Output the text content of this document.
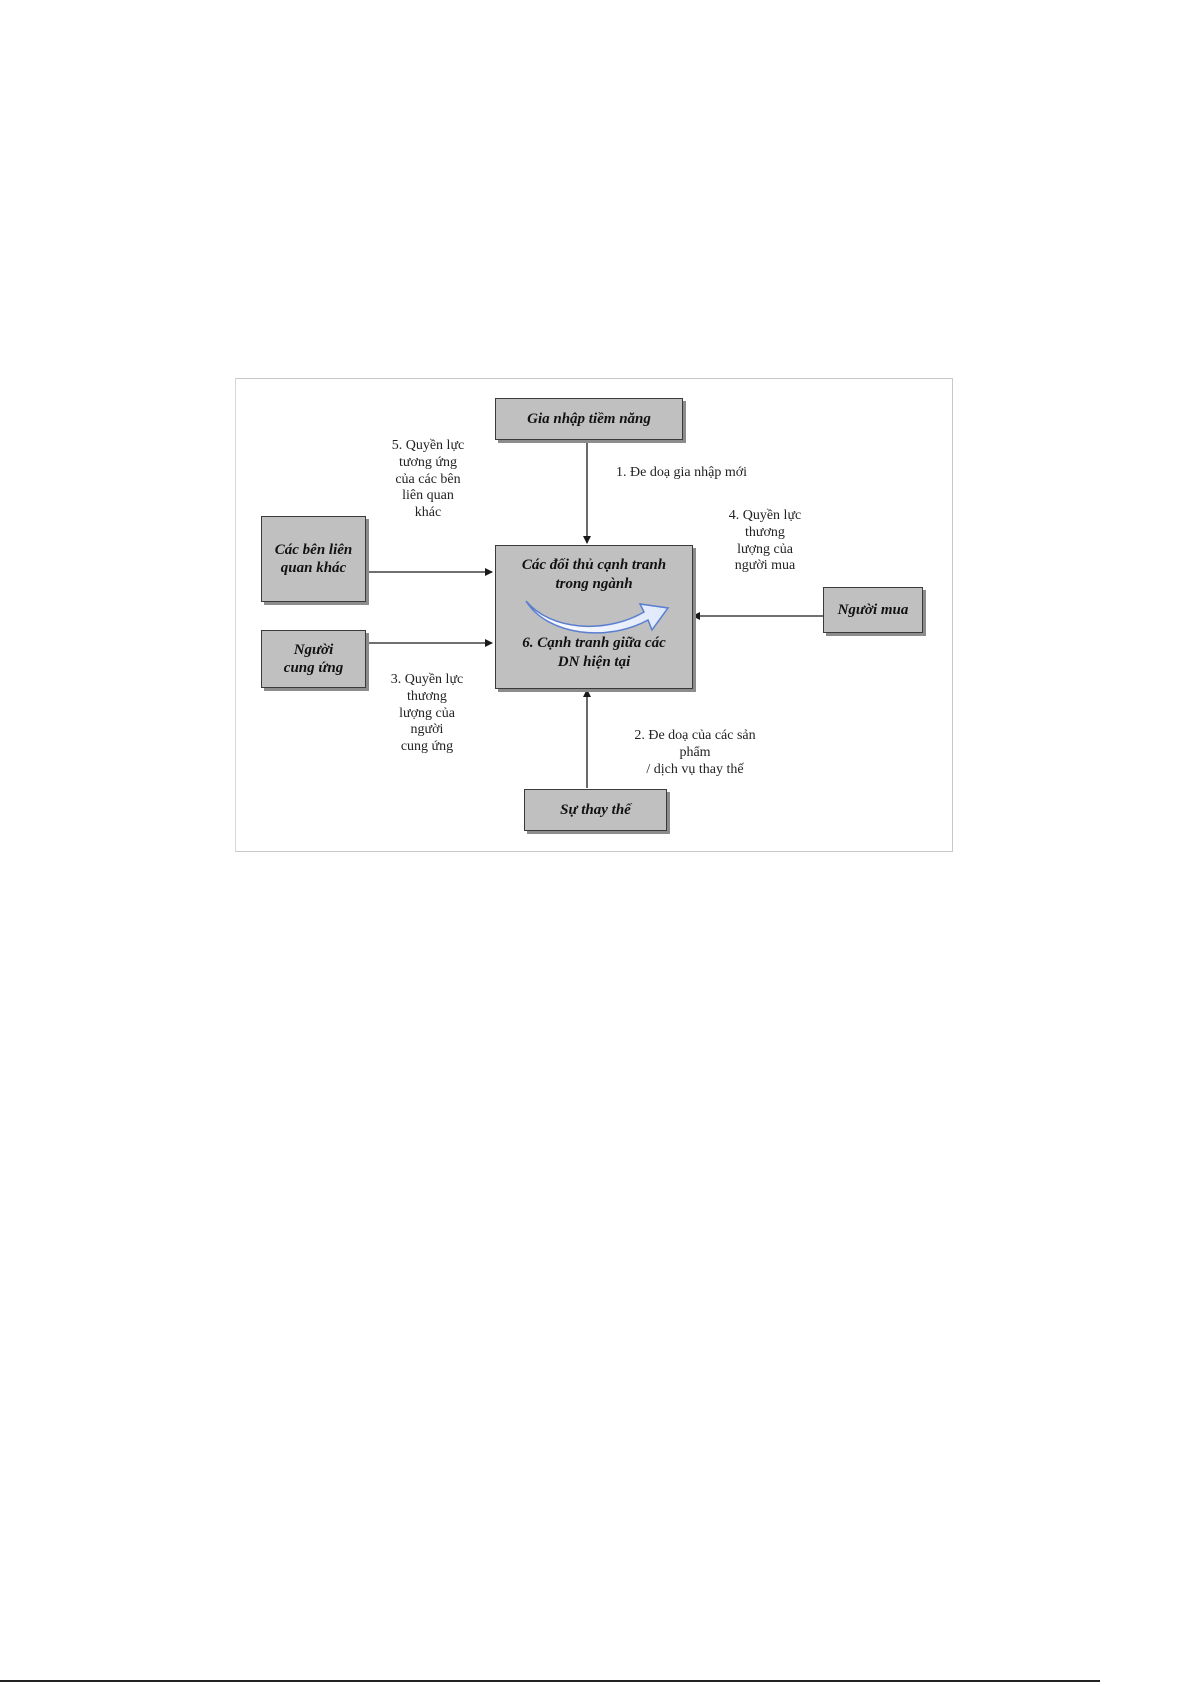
Gia nhập tiềm năng
Các bên liên
quan khác
Người
cung ứng
Người mua
Sự thay thế
Các đối thủ cạnh tranh
trong ngành
6. Cạnh tranh giữa các
DN hiện tại
1. Đe doạ gia nhập mới
2. Đe doạ của các sản
phẩm
/ dịch vụ thay thế
3. Quyền lực
thương
lượng của
người
cung ứng
4. Quyền lực
thương
lượng của
người mua
5. Quyền lực
tương ứng
của các bên
liên quan
khác
